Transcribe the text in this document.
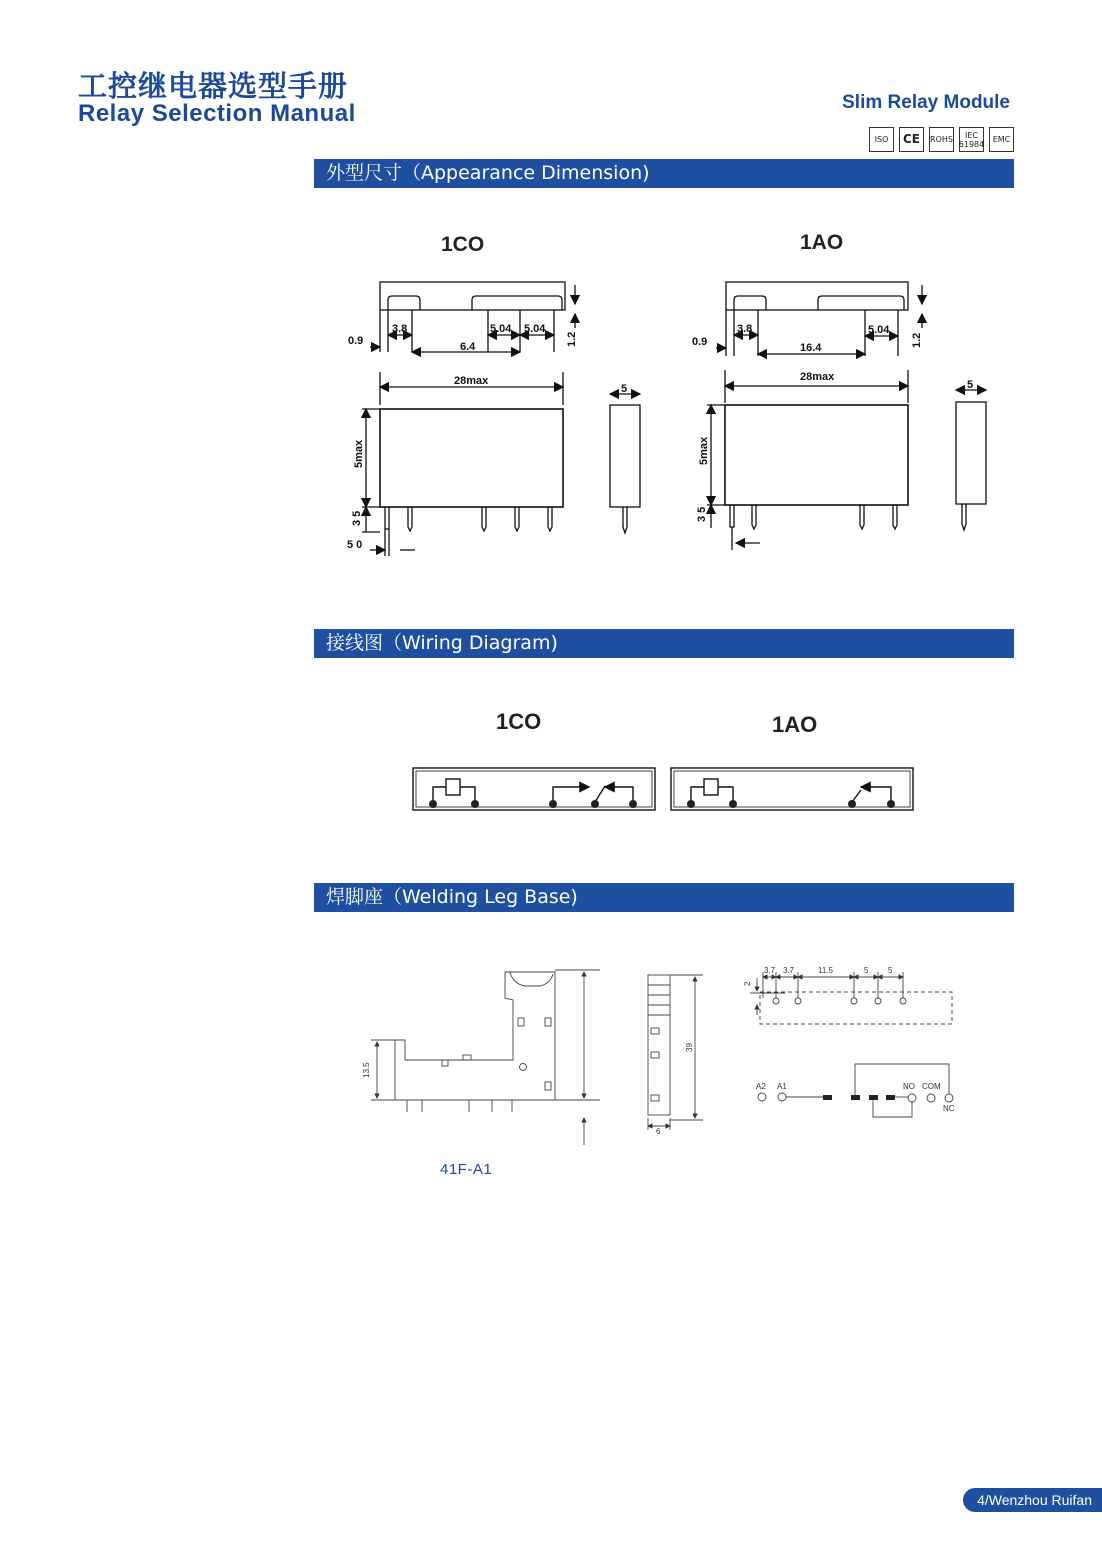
工控继电器选型手册
Relay Selection Manual	Slim Relay Module
ISO	CE	ROHS	IEC 61984	EMC
外型尺寸（Appearance Dimension)
1CO	1AO
0.9
3.8
6.4
5.04 5.04
1.2
28max
5max
3 5
5 0
5
0.9
3.8
16.4
5.04
1.2
28max
5max
3 5
5
接线图（Wiring Diagram)
1CO	1AO
焊脚座（Welding Leg Base)
13.5
39
6
2
3.7 3.7	11.5	5 5
A2 A1	NO COM
NC
41F-A1
4/Wenzhou Ruifan
